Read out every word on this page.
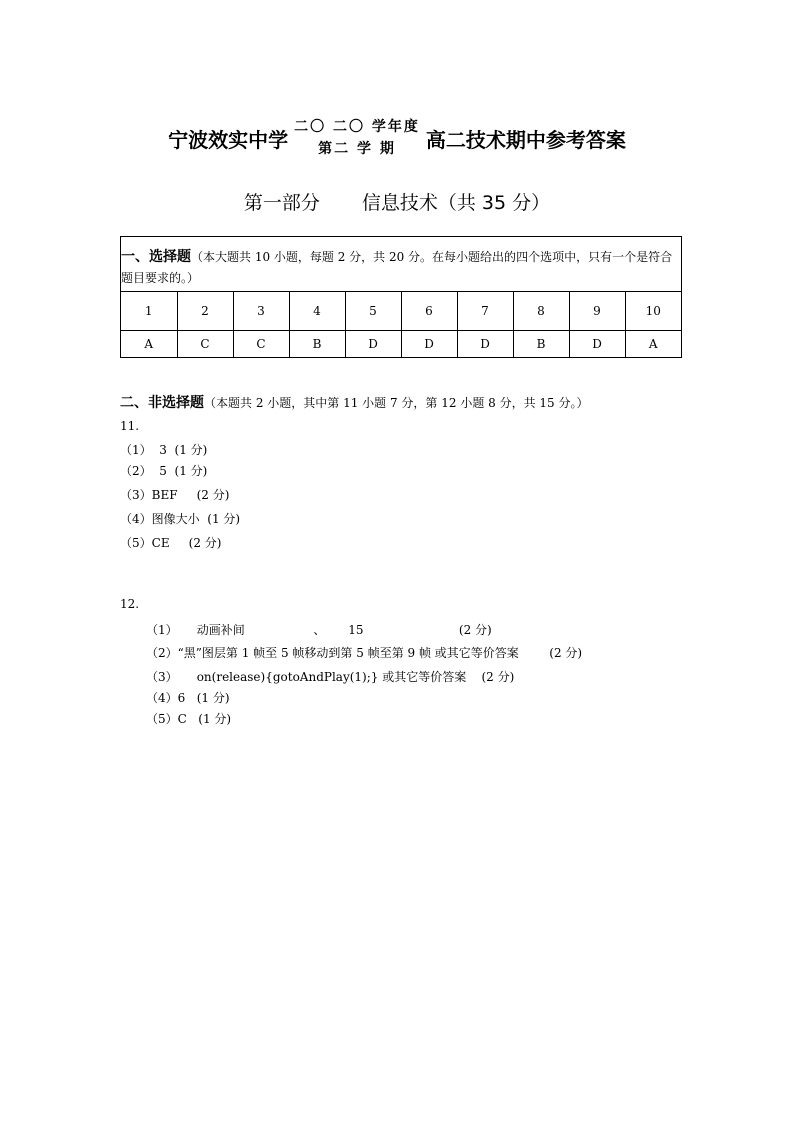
宁波效实中学
二〇 二〇 学年度
第二 学 期 高二技术期中参考答案
第一部分 信息技术（共 35 分）
一、选择题（本大题共 10 小题，每题 2 分，共 20 分。在每小题给出的四个选项中，只有一个是符合题目要求的。）
1	2	3	4	5	6	7	8	9	10
A	C	C	B	D	D	D	B	D	A
二、非选择题（本题共 2 小题，其中第 11 小题 7 分，第 12 小题 8 分，共 15 分。）
11.
（1）  3  (1 分)
（2）  5  (1 分)
（3）BEF     (2 分)
（4）图像大小  (1 分)
（5）CE     (2 分)
12.
（1）     动画补间                  、      15                         (2 分)
（2）“黑”图层第 1 帧至 5 帧移动到第 5 帧至第 9 帧 或其它等价答案        (2 分)
（3）     on(release){gotoAndPlay(1);} 或其它等价答案    (2 分)
（4）6   (1 分)
（5）C   (1 分)
